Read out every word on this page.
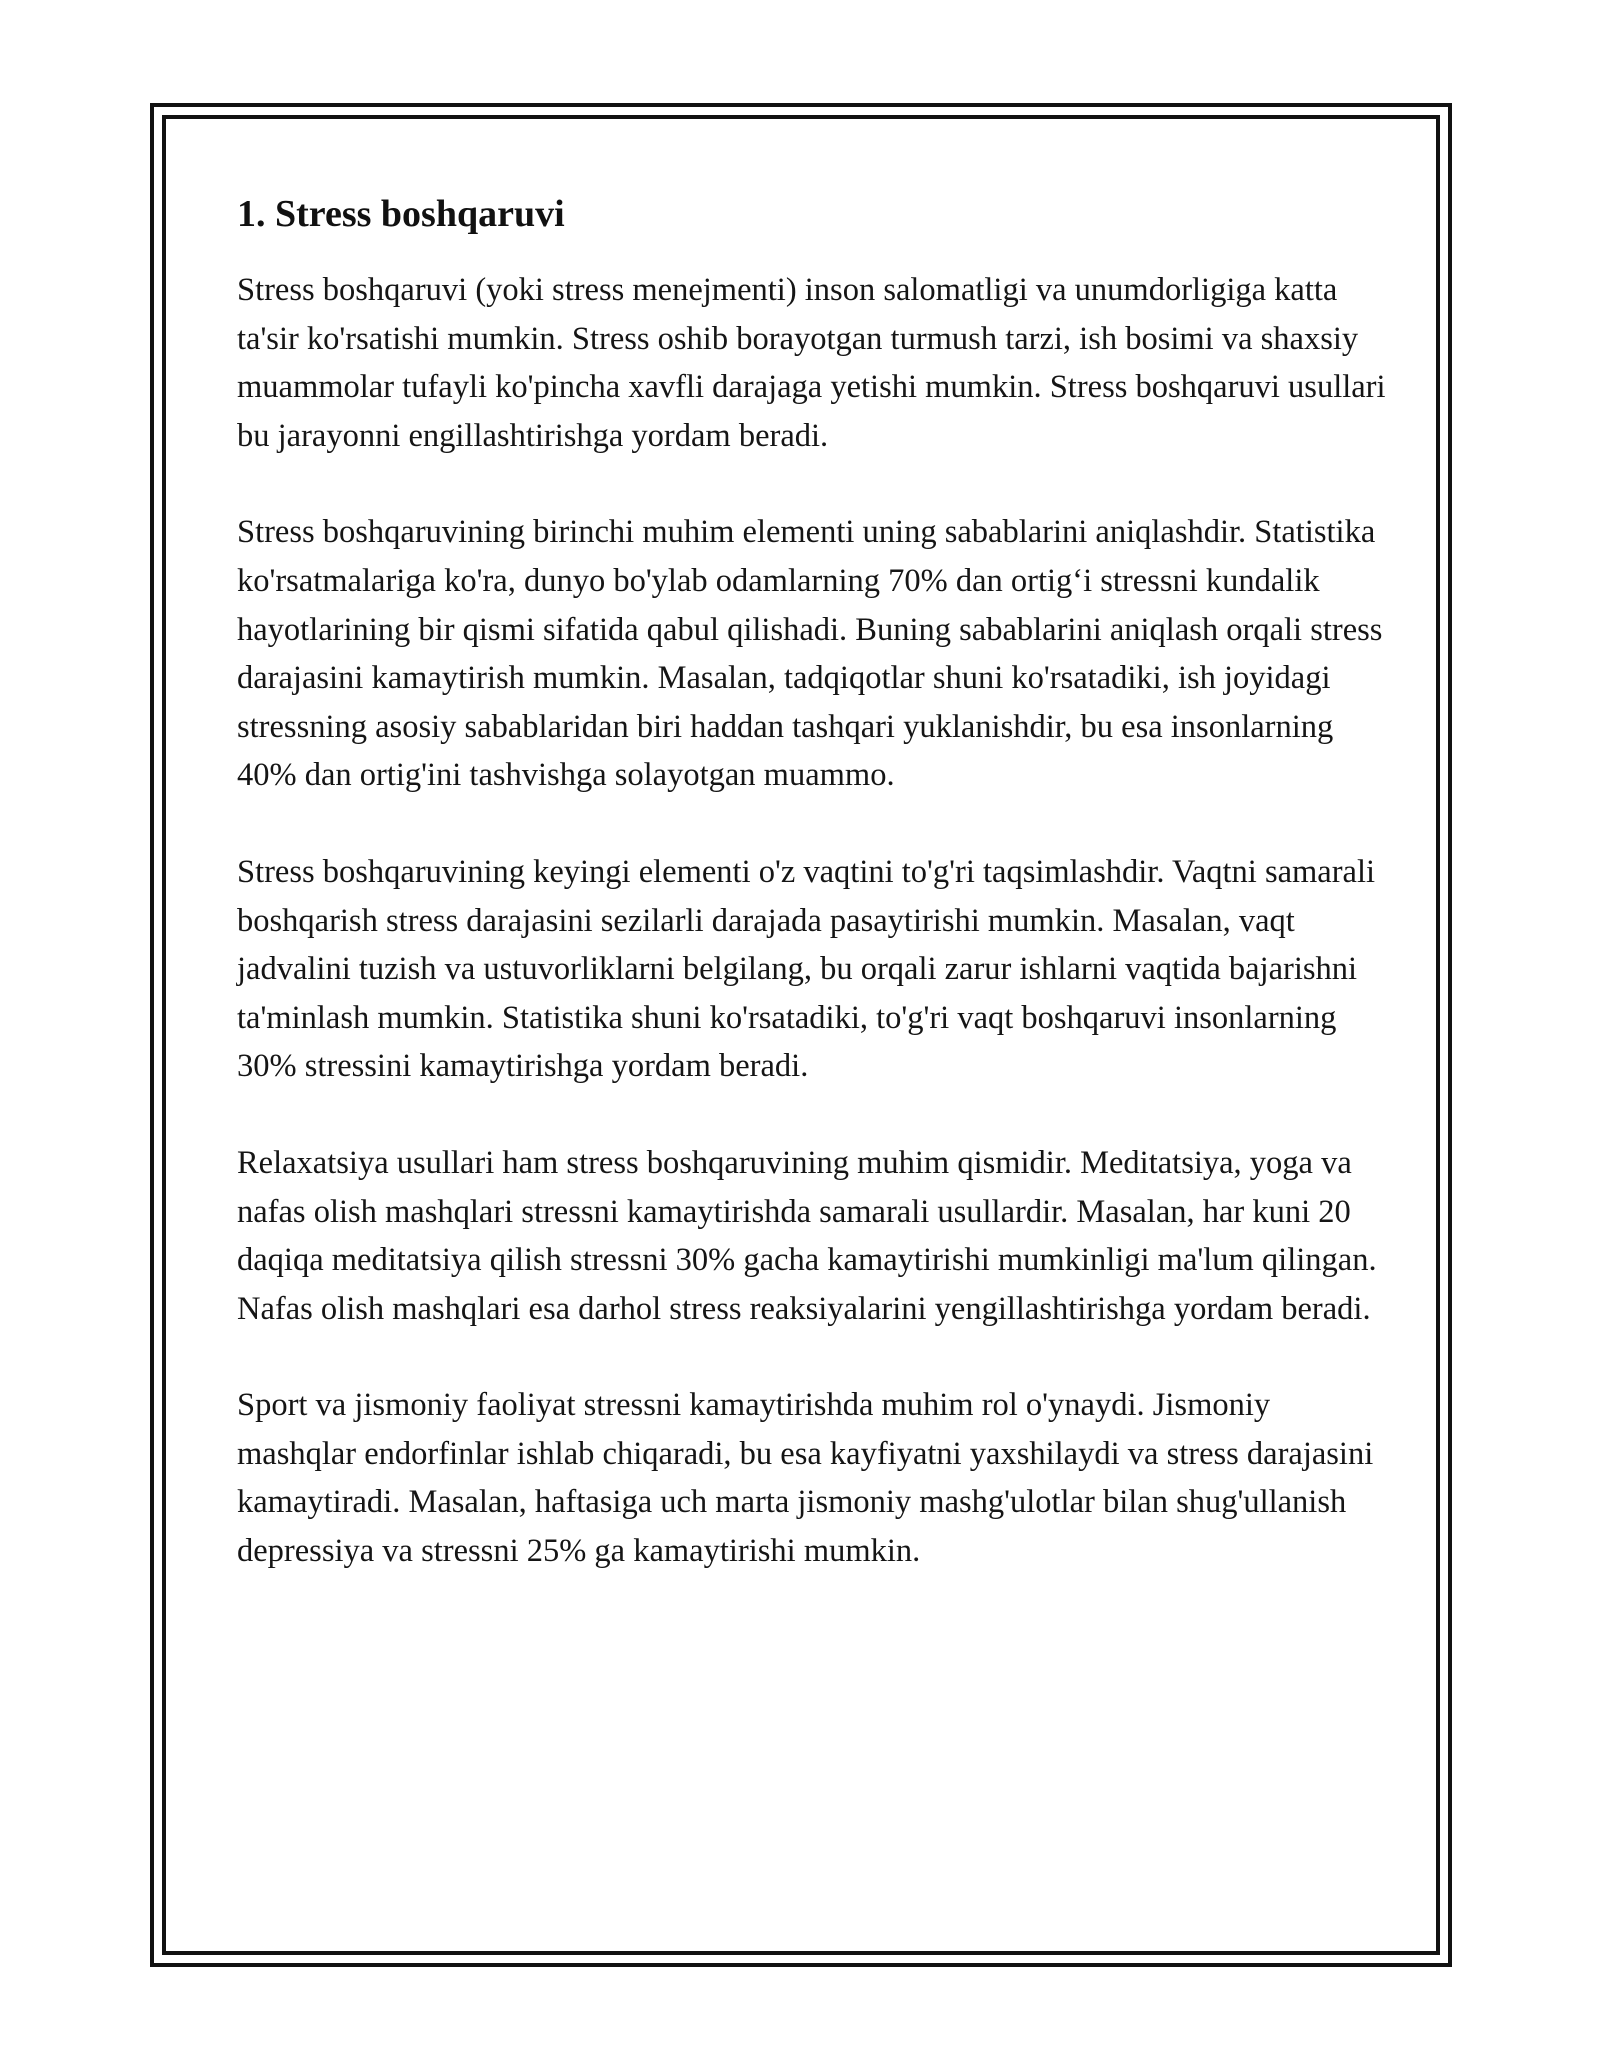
1. Stress boshqaruvi

Stress boshqaruvi (yoki stress menejmenti) inson salomatligi va unumdorligiga katta ta'sir ko'rsatishi mumkin. Stress oshib borayotgan turmush tarzi, ish bosimi va shaxsiy muammolar tufayli ko'pincha xavfli darajaga yetishi mumkin. Stress boshqaruvi usullari bu jarayonni engillashtirishga yordam beradi.

Stress boshqaruvining birinchi muhim elementi uning sabablarini aniqlashdir. Statistika ko'rsatmalariga ko'ra, dunyo bo'ylab odamlarning 70% dan ortig‘i stressni kundalik hayotlarining bir qismi sifatida qabul qilishadi. Buning sabablarini aniqlash orqali stress darajasini kamaytirish mumkin. Masalan, tadqiqotlar shuni ko'rsatadiki, ish joyidagi stressning asosiy sabablaridan biri haddan tashqari yuklanishdir, bu esa insonlarning 40% dan ortig'ini tashvishga solayotgan muammo.

Stress boshqaruvining keyingi elementi o'z vaqtini to'g'ri taqsimlashdir. Vaqtni samarali boshqarish stress darajasini sezilarli darajada pasaytirishi mumkin. Masalan, vaqt jadvalini tuzish va ustuvorliklarni belgilang, bu orqali zarur ishlarni vaqtida bajarishni ta'minlash mumkin. Statistika shuni ko'rsatadiki, to'g'ri vaqt boshqaruvi insonlarning 30% stressini kamaytirishga yordam beradi.

Relaxatsiya usullari ham stress boshqaruvining muhim qismidir. Meditatsiya, yoga va nafas olish mashqlari stressni kamaytirishda samarali usullardir. Masalan, har kuni 20 daqiqa meditatsiya qilish stressni 30% gacha kamaytirishi mumkinligi ma'lum qilingan. Nafas olish mashqlari esa darhol stress reaksiyalarini yengillashtirishga yordam beradi.

Sport va jismoniy faoliyat stressni kamaytirishda muhim rol o'ynaydi. Jismoniy mashqlar endorfinlar ishlab chiqaradi, bu esa kayfiyatni yaxshilaydi va stress darajasini kamaytiradi. Masalan, haftasiga uch marta jismoniy mashg'ulotlar bilan shug'ullanish depressiya va stressni 25% ga kamaytirishi mumkin.
